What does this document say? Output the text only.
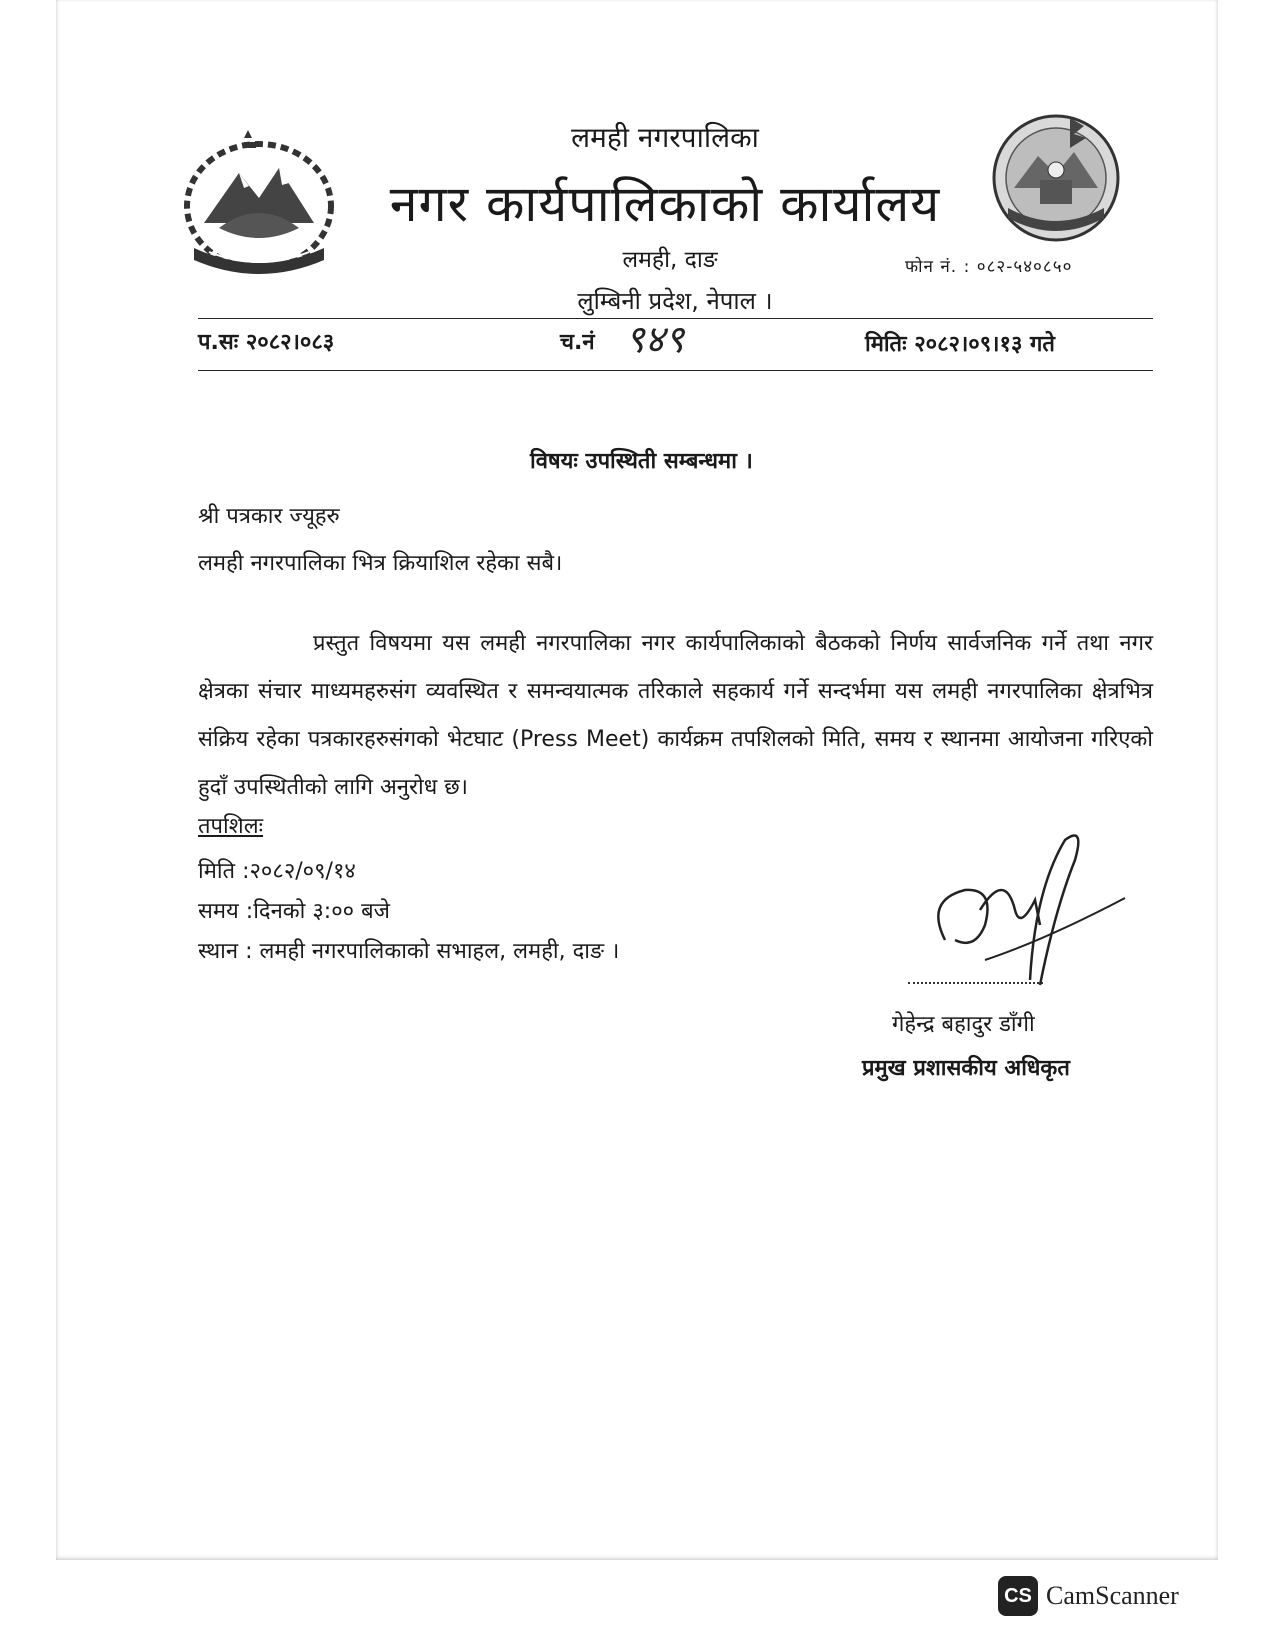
लमही नगरपालिका
नगर कार्यपालिकाको कार्यालय
लमही, दाङ
लुम्बिनी प्रदेश, नेपाल ।
फोन नं. : ०८२-५४०८५०
प.सः २०८२।०८३	च.नं ९४९	मितिः २०८२।०९।१३ गते
विषयः उपस्थिती सम्बन्धमा ।
श्री पत्रकार ज्यूहरु
लमही नगरपालिका भित्र क्रियाशिल रहेका सबै।

प्रस्तुत विषयमा यस लमही नगरपालिका नगर कार्यपालिकाको बैठकको निर्णय सार्वजनिक गर्ने तथा नगर क्षेत्रका संचार माध्यमहरुसंग व्यवस्थित र समन्वयात्मक तरिकाले सहकार्य गर्ने सन्दर्भमा यस लमही नगरपालिका क्षेत्रभित्र संक्रिय रहेका पत्रकारहरुसंगको भेटघाट (Press Meet) कार्यक्रम तपशिलको मिति, समय र स्थानमा आयोजना गरिएको हुदाँ उपस्थितीको लागि अनुरोध छ।

तपशिलः
मिति :२०८२/०९/१४
समय :दिनको ३:०० बजे
स्थान : लमही नगरपालिकाको सभाहल, लमही, दाङ ।
गेहेन्द्र बहादुर डाँगी
प्रमुख प्रशासकीय अधिकृत
CS CamScanner
